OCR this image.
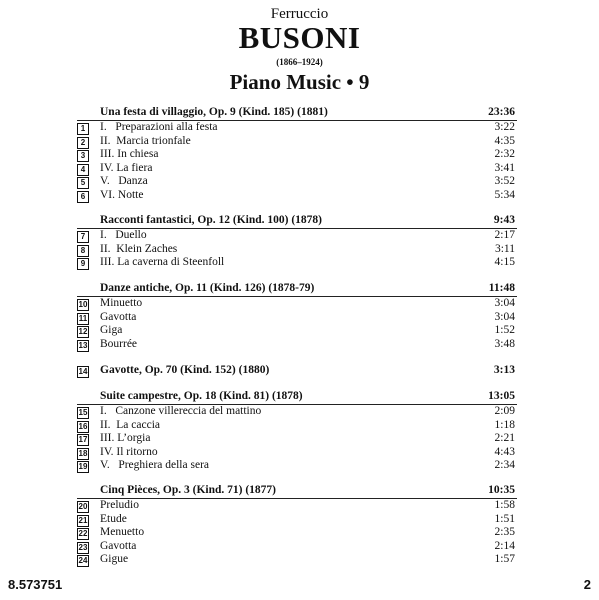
Ferruccio
BUSONI
(1866–1924)
Piano Music • 9
Una festa di villaggio, Op. 9 (Kind. 185) (1881)	23:36
1	I.   Preparazioni alla festa	3:22
2	II.  Marcia trionfale	4:35
3	III. In chiesa	2:32
4	IV. La fiera	3:41
5	V.   Danza	3:52
6	VI. Notte	5:34
Racconti fantastici, Op. 12 (Kind. 100) (1878)	9:43
7	I.   Duello	2:17
8	II.  Klein Zaches	3:11
9	III. La caverna di Steenfoll	4:15
Danze antiche, Op. 11 (Kind. 126) (1878-79)	11:48
10 Minuetto	3:04
11 Gavotta	3:04
12 Giga	1:52
13 Bourrée	3:48
14 Gavotte, Op. 70 (Kind. 152) (1880)	3:13
Suite campestre, Op. 18 (Kind. 81) (1878)	13:05
15 I.   Canzone villereccia del mattino	2:09
16 II.  La caccia	1:18
17 III. L’orgia	2:21
18 IV. Il ritorno	4:43
19 V.   Preghiera della sera	2:34
Cinq Pièces, Op. 3 (Kind. 71) (1877)	10:35
20 Preludio	1:58
21 Etude	1:51
22 Menuetto	2:35
23 Gavotta	2:14
24 Gigue	1:57
8.573751	2
